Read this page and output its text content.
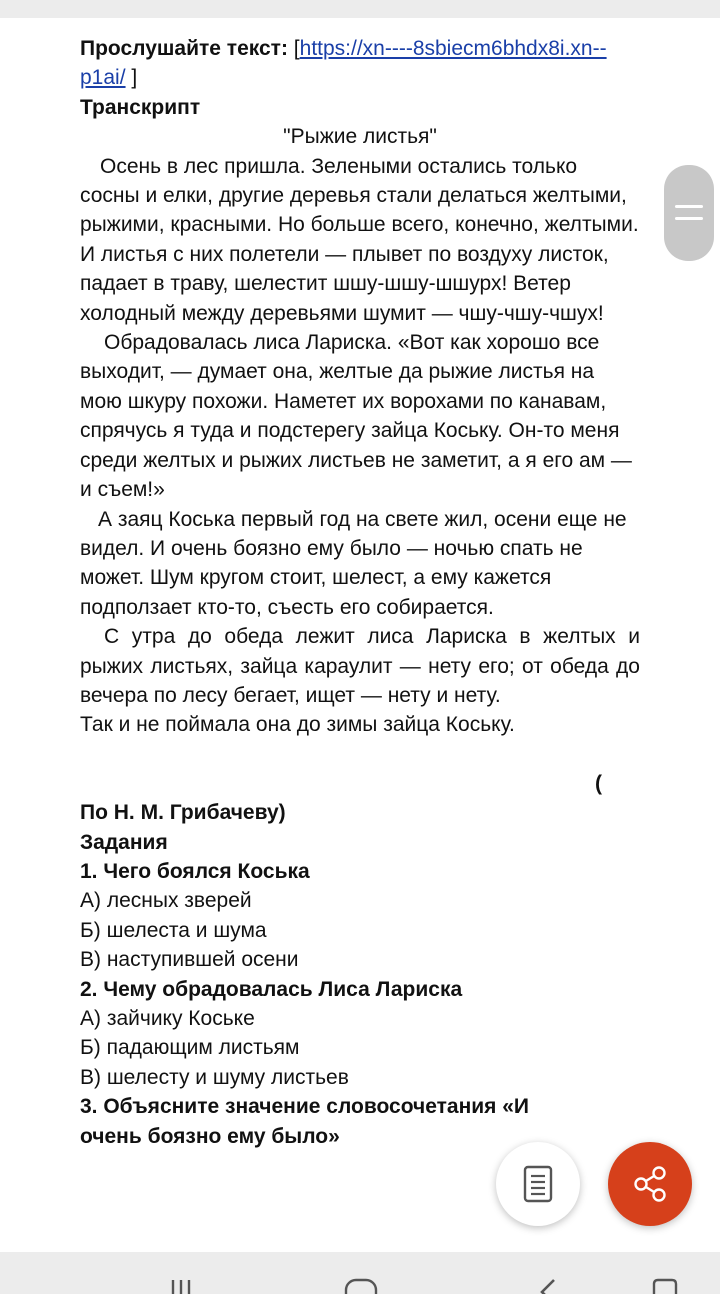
Прослушайте текст: [https://xn----8sbiecm6bhdx8i.xn--p1ai/ ]

Транскрипт

"Рыжие листья"

Осень в лес пришла. Зелеными остались только сосны и елки, другие деревья стали делаться желтыми, рыжими, красными. Но больше всего, конечно, желтыми. И листья с них полетели — плывет по воздуху листок, падает в траву, шелестит шшу-шшу-шшурх! Ветер холодный между деревьями шумит — чшу-чшу-чшух!

Обрадовалась лиса Лариска. «Вот как хорошо все выходит, — думает она, желтые да рыжие листья на мою шкуру похожи. Наметет их ворохами по канавам, спрячусь я туда и подстерегу зайца Коську. Он-то меня среди желтых и рыжих листьев не заметит, а я его ам — и съем!»

А заяц Коська первый год на свете жил, осени еще не видел. И очень боязно ему было — ночью спать не может. Шум кругом стоит, шелест, а ему кажется подползает кто-то, съесть его собирается.

С утра до обеда лежит лиса Лариска в желтых и рыжих листьях, зайца караулит — нету его; от обеда до вечера по лесу бегает, ищет — нету и нету.

Так и не поймала она до зимы зайца Коську.

(

По Н. М. Грибачеву)

Задания

1. Чего боялся Коська

А) лесных зверей

Б) шелеста и шума

В) наступившей осени

2. Чему обрадовалась Лиса Лариска

А) зайчику Коське

Б) падающим листьям

В) шелесту и шуму листьев

3. Объясните значение словосочетания «И

очень боязно ему было»
